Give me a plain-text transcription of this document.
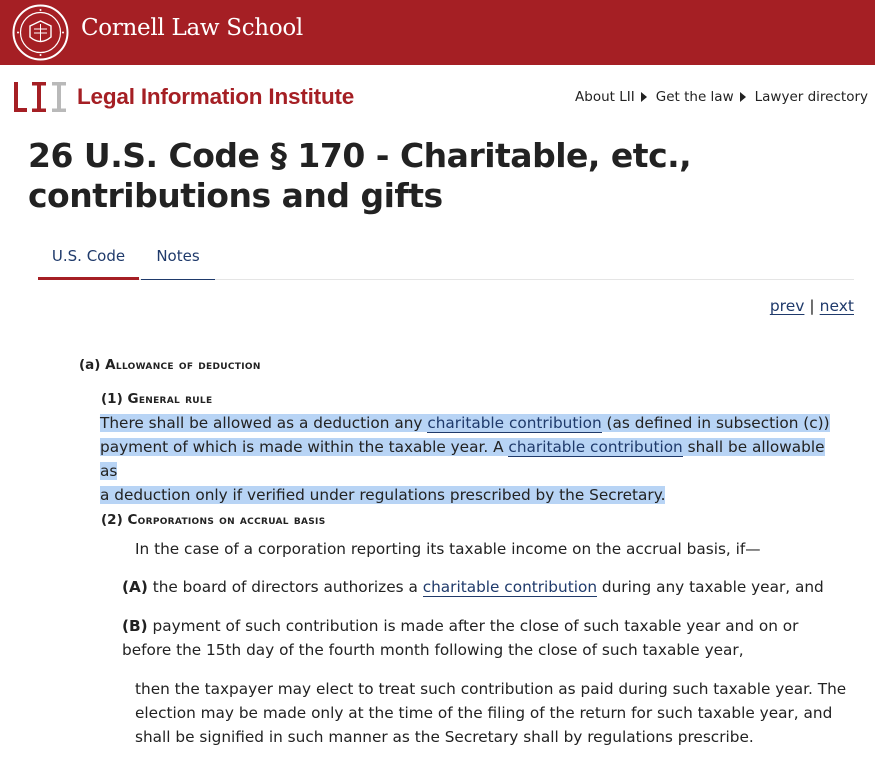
Cornell Law School
Legal Information Institute	About LII Get the law Lawyer directory
26 U.S. Code § 170 - Charitable, etc., contributions and gifts
U.S. Code	Notes
prev | next
(a) Allowance of deduction
(1) General rule
There shall be allowed as a deduction any charitable contribution (as defined in subsection (c))
payment of which is made within the taxable year. A charitable contribution shall be allowable as
a deduction only if verified under regulations prescribed by the Secretary.
(2) Corporations on accrual basis
In the case of a corporation reporting its taxable income on the accrual basis, if—
(A) the board of directors authorizes a charitable contribution during any taxable year, and
(B) payment of such contribution is made after the close of such taxable year and on or
before the 15th day of the fourth month following the close of such taxable year,
then the taxpayer may elect to treat such contribution as paid during such taxable year. The
election may be made only at the time of the filing of the return for such taxable year, and
shall be signified in such manner as the Secretary shall by regulations prescribe.
